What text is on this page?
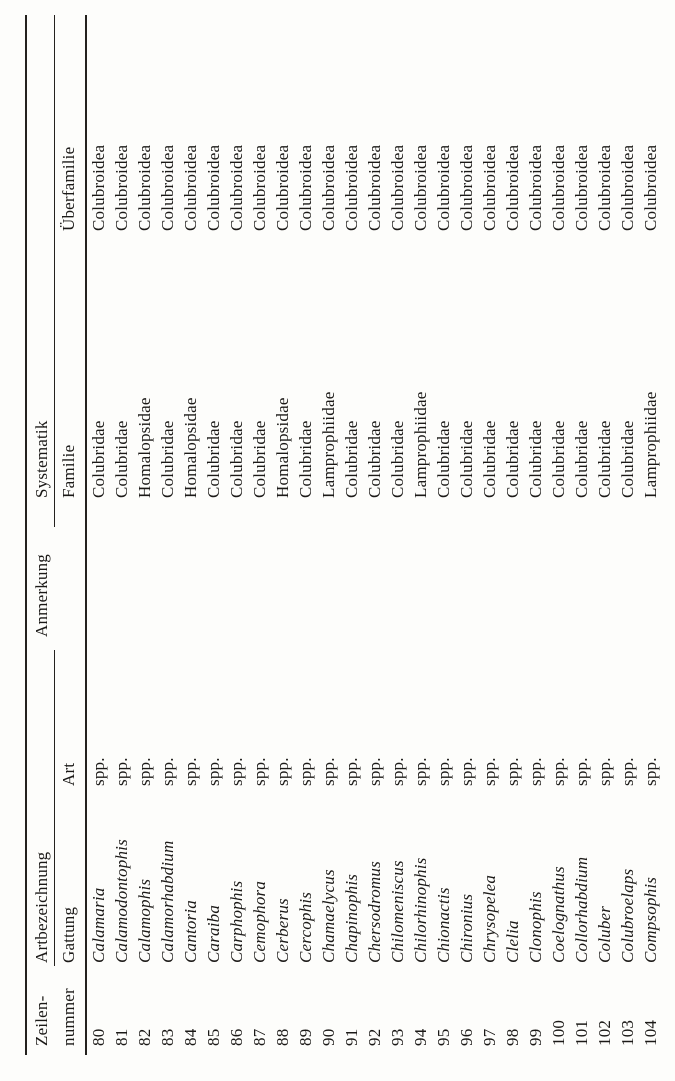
Zeilen- nummer
Artbezeichnung Gattung
Art
Anmerkung
Systematik Familie
Überfamilie
80
Calamaria
spp.
Colubridae
Colubroidea
81
Calamodontophis
spp.
Colubridae
Colubroidea
82
Calamophis
spp.
Homalopsidae
Colubroidea
83
Calamorhabdium
spp.
Colubridae
Colubroidea
84
Cantoria
spp.
Homalopsidae
Colubroidea
85
Caraiba
spp.
Colubridae
Colubroidea
86
Carphophis
spp.
Colubridae
Colubroidea
87
Cemophora
spp.
Colubridae
Colubroidea
88
Cerberus
spp.
Homalopsidae
Colubroidea
89
Cercophis
spp.
Colubridae
Colubroidea
90
Chamaelycus
spp.
Lamprophiidae
Colubroidea
91
Chapinophis
spp.
Colubridae
Colubroidea
92
Chersodromus
spp.
Colubridae
Colubroidea
93
Chilomeniscus
spp.
Colubridae
Colubroidea
94
Chilorhinophis
spp.
Lamprophiidae
Colubroidea
95
Chionactis
spp.
Colubridae
Colubroidea
96
Chironius
spp.
Colubridae
Colubroidea
97
Chrysopelea
spp.
Colubridae
Colubroidea
98
Clelia
spp.
Colubridae
Colubroidea
99
Clonophis
spp.
Colubridae
Colubroidea
100
Coelognathus
spp.
Colubridae
Colubroidea
101
Collorhabdium
spp.
Colubridae
Colubroidea
102
Coluber
spp.
Colubridae
Colubroidea
103
Colubroelaps
spp.
Colubridae
Colubroidea
104
Compsophis
spp.
Lamprophiidae
Colubroidea
